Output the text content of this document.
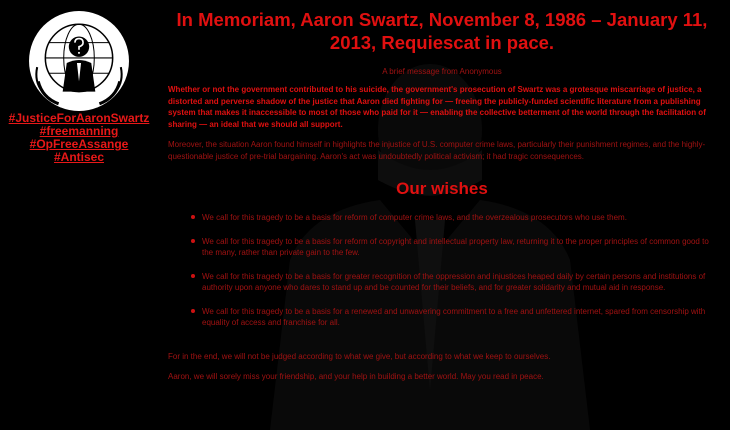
#JusticeForAaronSwartz
#freemanning
#OpFreeAssange
#Antisec
In Memoriam, Aaron Swartz, November 8, 1986 – January 11, 2013, Requiescat in pace.
A brief message from Anonymous

Whether or not the government contributed to his suicide, the government's prosecution of Swartz was a grotesque miscarriage of justice, a distorted and perverse shadow of the justice that Aaron died fighting for — freeing the publicly-funded scientific literature from a publishing system that makes it inaccessible to most of those who paid for it — enabling the collective betterment of the world through the facilitation of sharing — an ideal that we should all support.

Moreover, the situation Aaron found himself in highlights the injustice of U.S. computer crime laws, particularly their punishment regimes, and the highly-questionable justice of pre-trial bargaining. Aaron's act was undoubtedly political activism; it had tragic consequences.

Our wishes
We call for this tragedy to be a basis for reform of computer crime laws, and the overzealous prosecutors who use them.
We call for this tragedy to be a basis for reform of copyright and intellectual property law, returning it to the proper principles of common good to the many, rather than private gain to the few.
We call for this tragedy to be a basis for greater recognition of the oppression and injustices heaped daily by certain persons and institutions of authority upon anyone who dares to stand up and be counted for their beliefs, and for greater solidarity and mutual aid in response.
We call for this tragedy to be a basis for a renewed and unwavering commitment to a free and unfettered internet, spared from censorship with equality of access and franchise for all.

For in the end, we will not be judged according to what we give, but according to what we keep to ourselves.

Aaron, we will sorely miss your friendship, and your help in building a better world. May you read in peace.
